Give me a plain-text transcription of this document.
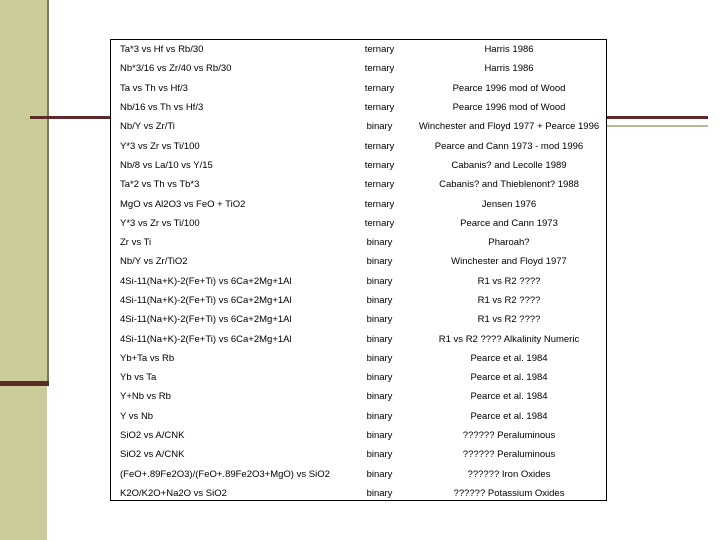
Ta*3 vs Hf vs Rb/30	ternary	Harris 1986
Nb*3/16 vs Zr/40 vs Rb/30	ternary	Harris 1986
Ta vs Th vs Hf/3	ternary	Pearce 1996 mod of Wood
Nb/16 vs Th vs Hf/3	ternary	Pearce 1996 mod of Wood
Nb/Y vs Zr/Ti	binary	Winchester and Floyd 1977 + Pearce 1996
Y*3 vs Zr vs Ti/100	ternary	Pearce and Cann 1973 - mod 1996
Nb/8 vs La/10 vs Y/15	ternary	Cabanis? and Lecolle 1989
Ta*2 vs Th vs Tb*3	ternary	Cabanis? and Thieblenont? 1988
MgO vs Al2O3 vs FeO + TiO2	ternary	Jensen 1976
Y*3 vs Zr vs Ti/100	ternary	Pearce and Cann 1973
Zr vs Ti	binary	Pharoah?
Nb/Y vs Zr/TiO2	binary	Winchester and Floyd 1977
4Si-11(Na+K)-2(Fe+Ti) vs 6Ca+2Mg+1Al	binary	R1 vs R2 ????
4Si-11(Na+K)-2(Fe+Ti) vs 6Ca+2Mg+1Al	binary	R1 vs R2 ????
4Si-11(Na+K)-2(Fe+Ti) vs 6Ca+2Mg+1Al	binary	R1 vs R2 ????
4Si-11(Na+K)-2(Fe+Ti) vs 6Ca+2Mg+1Al	binary	R1 vs R2 ???? Alkalinity Numeric
Yb+Ta vs Rb	binary	Pearce et al. 1984
Yb vs Ta	binary	Pearce et al. 1984
Y+Nb vs Rb	binary	Pearce et al. 1984
Y vs Nb	binary	Pearce et al. 1984
SiO2 vs A/CNK	binary	?????? Peraluminous
SiO2 vs A/CNK	binary	?????? Peraluminous
(FeO+.89Fe2O3)/(FeO+.89Fe2O3+MgO) vs SiO2	binary	?????? Iron Oxides
K2O/K2O+Na2O vs SiO2	binary	?????? Potassium Oxides
